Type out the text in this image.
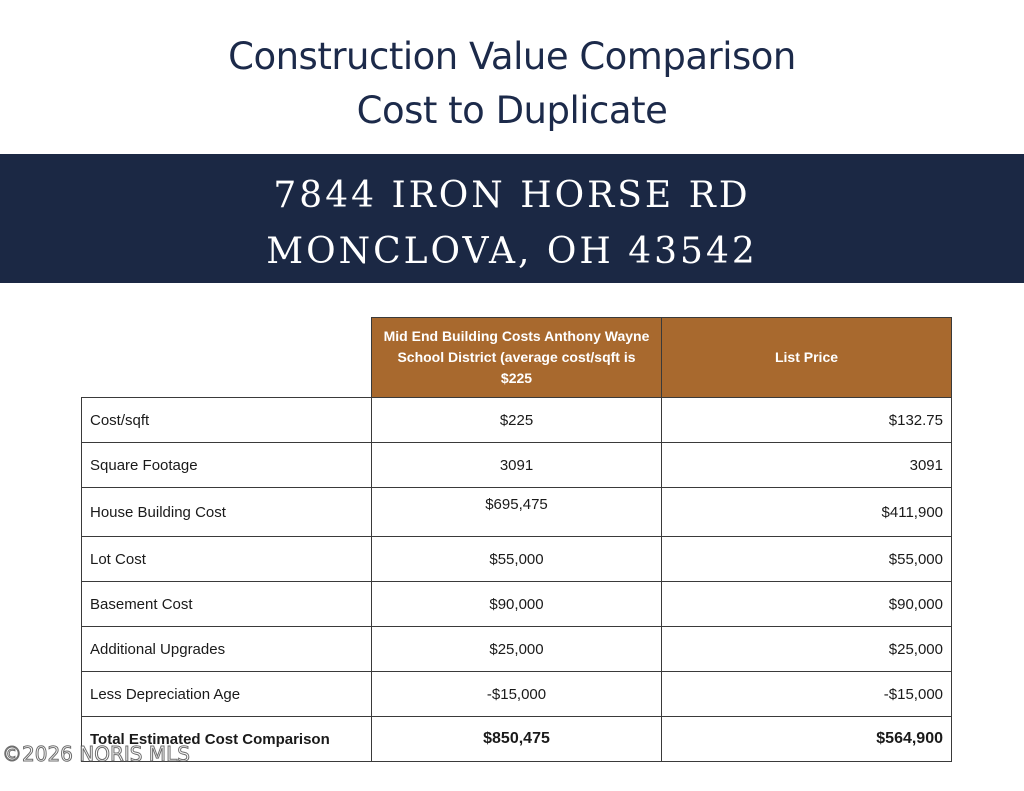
Construction Value Comparison
Cost to Duplicate
7844 IRON HORSE RD
MONCLOVA, OH 43542
	Mid End Building Costs Anthony Wayne School District (average cost/sqft is $225	List Price
Cost/sqft	$225	$132.75
Square Footage	3091	3091
House Building Cost	$695,475	$411,900
Lot Cost	$55,000	$55,000
Basement Cost	$90,000	$90,000
Additional Upgrades	$25,000	$25,000
Less Depreciation Age	-$15,000	-$15,000
Total Estimated Cost Comparison	$850,475	$564,900
©2026 NORIS MLS
